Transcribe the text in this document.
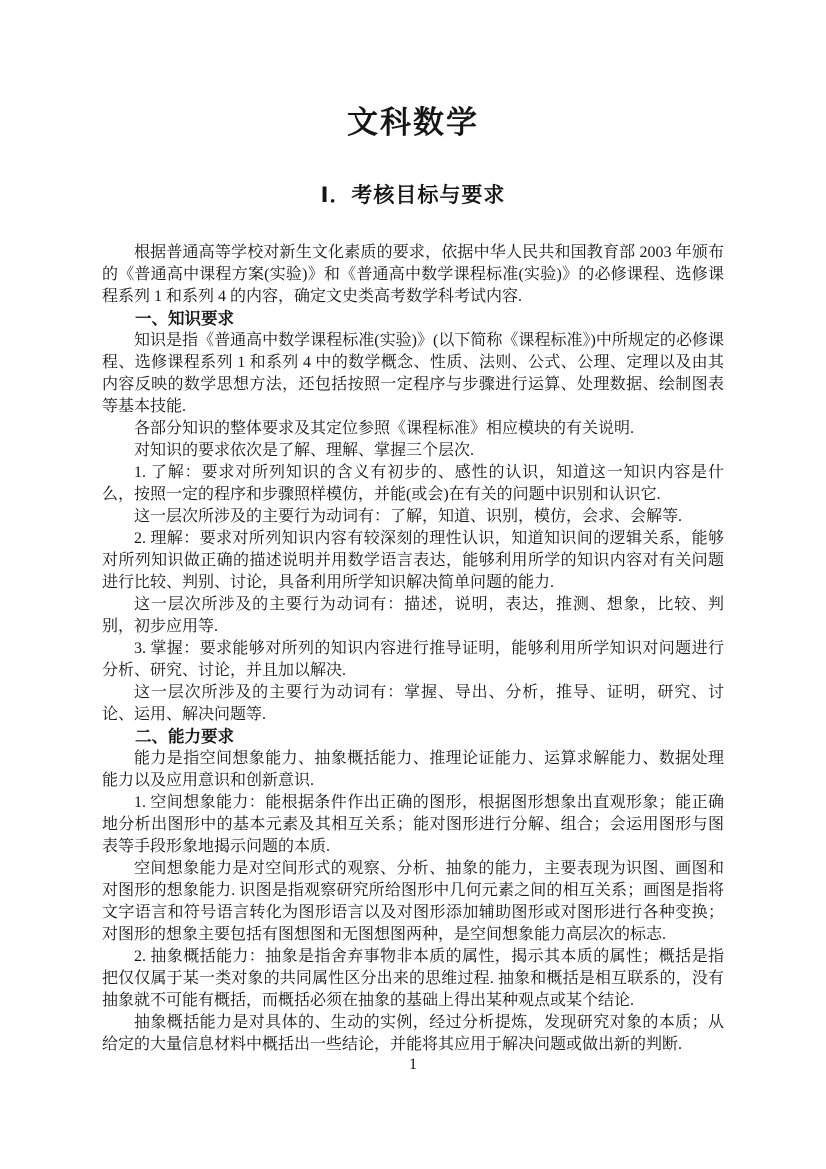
文科数学
Ⅰ．考核目标与要求

根据普通高等学校对新生文化素质的要求，依据中华人民共和国教育部 2003 年颁布的《普通高中课程方案(实验)》和《普通高中数学课程标准(实验)》的必修课程、选修课程系列 1 和系列 4 的内容，确定文史类高考数学科考试内容.

一、知识要求

知识是指《普通高中数学课程标准(实验)》(以下简称《课程标准》)中所规定的必修课程、选修课程系列 1 和系列 4 中的数学概念、性质、法则、公式、公理、定理以及由其内容反映的数学思想方法，还包括按照一定程序与步骤进行运算、处理数据、绘制图表等基本技能.

各部分知识的整体要求及其定位参照《课程标准》相应模块的有关说明.

对知识的要求依次是了解、理解、掌握三个层次.

1. 了解：要求对所列知识的含义有初步的、感性的认识，知道这一知识内容是什么，按照一定的程序和步骤照样模仿，并能(或会)在有关的问题中识别和认识它.

这一层次所涉及的主要行为动词有：了解，知道、识别，模仿，会求、会解等.

2. 理解：要求对所列知识内容有较深刻的理性认识，知道知识间的逻辑关系，能够对所列知识做正确的描述说明并用数学语言表达，能够利用所学的知识内容对有关问题进行比较、判别、讨论，具备利用所学知识解决简单问题的能力.

这一层次所涉及的主要行为动词有：描述，说明，表达，推测、想象，比较、判别，初步应用等.

3. 掌握：要求能够对所列的知识内容进行推导证明，能够利用所学知识对问题进行分析、研究、讨论，并且加以解决.

这一层次所涉及的主要行为动词有：掌握、导出、分析，推导、证明，研究、讨论、运用、解决问题等.

二、能力要求

能力是指空间想象能力、抽象概括能力、推理论证能力、运算求解能力、数据处理能力以及应用意识和创新意识.

1. 空间想象能力：能根据条件作出正确的图形，根据图形想象出直观形象；能正确地分析出图形中的基本元素及其相互关系；能对图形进行分解、组合；会运用图形与图表等手段形象地揭示问题的本质.

空间想象能力是对空间形式的观察、分析、抽象的能力，主要表现为识图、画图和对图形的想象能力. 识图是指观察研究所给图形中几何元素之间的相互关系；画图是指将文字语言和符号语言转化为图形语言以及对图形添加辅助图形或对图形进行各种变换；对图形的想象主要包括有图想图和无图想图两种，是空间想象能力高层次的标志.

2. 抽象概括能力：抽象是指舍弃事物非本质的属性，揭示其本质的属性；概括是指把仅仅属于某一类对象的共同属性区分出来的思维过程. 抽象和概括是相互联系的，没有抽象就不可能有概括，而概括必须在抽象的基础上得出某种观点或某个结论.

抽象概括能力是对具体的、生动的实例，经过分析提炼，发现研究对象的本质；从给定的大量信息材料中概括出一些结论，并能将其应用于解决问题或做出新的判断.

1
